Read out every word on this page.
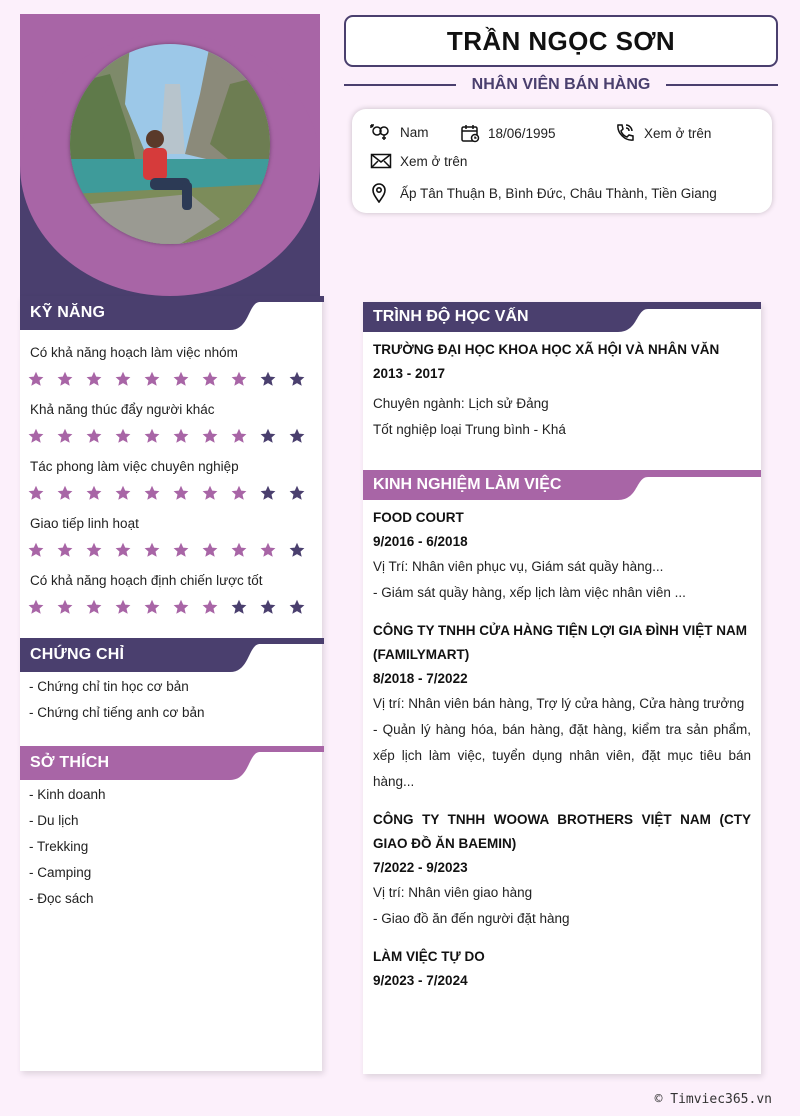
KỸ NĂNG
Có khả năng hoạch làm việc nhóm
Khả năng thúc đẩy người khác
Tác phong làm việc chuyên nghiệp
Giao tiếp linh hoạt
Có khả năng hoạch định chiến lược tốt
CHỨNG CHỈ
- Chứng chỉ tin học cơ bản
- Chứng chỉ tiếng anh cơ bản
SỞ THÍCH
- Kinh doanh
- Du lịch
- Trekking
- Camping
- Đọc sách
TRẦN NGỌC SƠN
NHÂN VIÊN BÁN HÀNG
Nam	18/06/1995	Xem ở trên
Xem ở trên
Ấp Tân Thuận B, Bình Đức, Châu Thành, Tiền Giang
TRÌNH ĐỘ HỌC VẤN
TRƯỜNG ĐẠI HỌC KHOA HỌC XÃ HỘI VÀ NHÂN VĂN
2013 - 2017
Chuyên ngành: Lịch sử Đảng
Tốt nghiệp loại Trung bình - Khá
KINH NGHIỆM LÀM VIỆC
FOOD COURT
9/2016 - 6/2018
Vị Trí: Nhân viên phục vụ, Giám sát quầy hàng...
- Giám sát quầy hàng, xếp lịch làm việc nhân viên ...
CÔNG TY TNHH CỬA HÀNG TIỆN LỢI GIA ĐÌNH VIỆT NAM (FAMILYMART)
8/2018 - 7/2022
Vị trí: Nhân viên bán hàng, Trợ lý cửa hàng, Cửa hàng trưởng
- Quản lý hàng hóa, bán hàng, đặt hàng, kiểm tra sản phẩm, xếp lịch làm việc, tuyển dụng nhân viên, đặt mục tiêu bán hàng...
CÔNG TY TNHH WOOWA BROTHERS VIỆT NAM (CTY GIAO ĐỒ ĂN BAEMIN)
7/2022 - 9/2023
Vị trí: Nhân viên giao hàng
- Giao đồ ăn đến người đặt hàng
LÀM VIỆC TỰ DO
9/2023 - 7/2024
© Timviec365.vn
